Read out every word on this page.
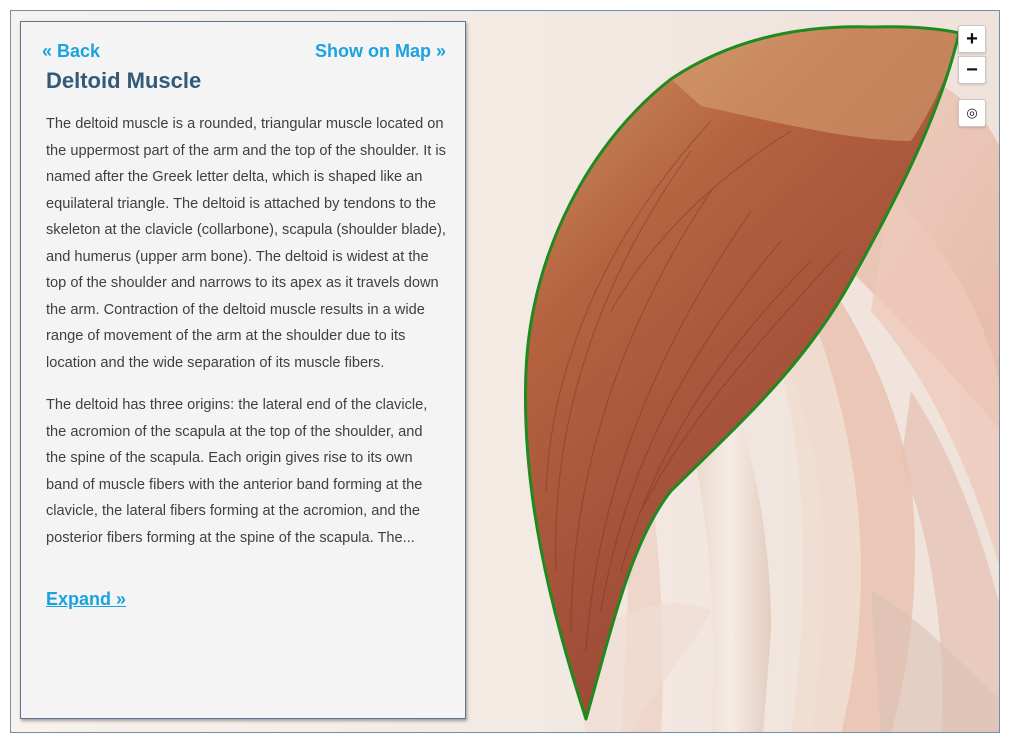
« Back	Show on Map »
Deltoid Muscle

The deltoid muscle is a rounded, triangular muscle located on the uppermost part of the arm and the top of the shoulder. It is named after the Greek letter delta, which is shaped like an equilateral triangle. The deltoid is attached by tendons to the skeleton at the clavicle (collarbone), scapula (shoulder blade), and humerus (upper arm bone). The deltoid is widest at the top of the shoulder and narrows to its apex as it travels down the arm. Contraction of the deltoid muscle results in a wide range of movement of the arm at the shoulder due to its location and the wide separation of its muscle fibers.

The deltoid has three origins: the lateral end of the clavicle, the acromion of the scapula at the top of the shoulder, and the spine of the scapula. Each origin gives rise to its own band of muscle fibers with the anterior band forming at the clavicle, the lateral fibers forming at the acromion, and the posterior fibers forming at the spine of the scapula. The...

Expand »
+
−
◎
